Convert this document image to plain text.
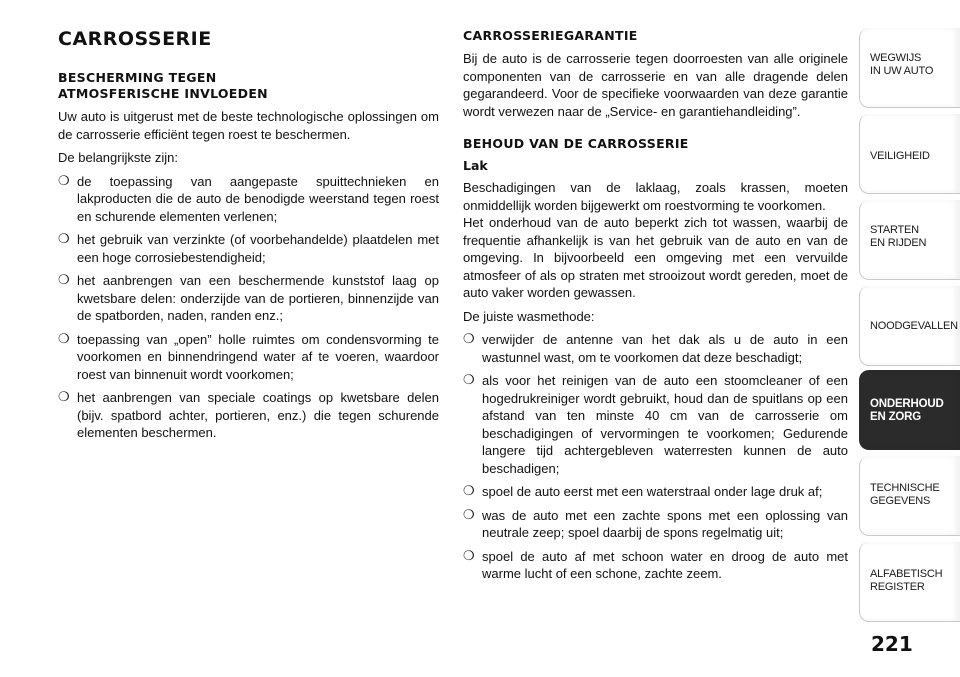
CARROSSERIE
BESCHERMING TEGEN
ATMOSFERISCHE INVLOEDEN

Uw auto is uitgerust met de beste technologische oplossingen om de carrosserie efficiënt tegen roest te beschermen.

De belangrijkste zijn:

❍ de toepassing van aangepaste spuittechnieken en lakproducten die de auto de benodigde weerstand tegen roest en schurende elementen verlenen;
❍ het gebruik van verzinkte (of voorbehandelde) plaatdelen met een hoge corrosiebestendigheid;
❍ het aanbrengen van een beschermende kunststof laag op kwetsbare delen: onderzijde van de portieren, binnenzijde van de spatborden, naden, randen enz.;
❍ toepassing van „open” holle ruimtes om condensvorming te voorkomen en binnendringend water af te voeren, waardoor roest van binnenuit wordt voorkomen;
❍ het aanbrengen van speciale coatings op kwetsbare delen (bijv. spatbord achter, portieren, enz.) die tegen schurende elementen beschermen.
CARROSSERIEGARANTIE

Bij de auto is de carrosserie tegen doorroesten van alle originele componenten van de carrosserie en van alle dragende delen gegarandeerd. Voor de specifieke voorwaarden van deze garantie wordt verwezen naar de „Service- en garantiehandleiding”.

BEHOUD VAN DE CARROSSERIE
Lak

Beschadigingen van de laklaag, zoals krassen, moeten onmiddellijk worden bijgewerkt om roestvorming te voorkomen.

Het onderhoud van de auto beperkt zich tot wassen, waarbij de frequentie afhankelijk is van het gebruik van de auto en van de omgeving. In bijvoorbeeld een omgeving met een vervuilde atmosfeer of als op straten met strooizout wordt gereden, moet de auto vaker worden gewassen.

De juiste wasmethode:

❍ verwijder de antenne van het dak als u de auto in een wastunnel wast, om te voorkomen dat deze beschadigt;
❍ als voor het reinigen van de auto een stoomcleaner of een hogedrukreiniger wordt gebruikt, houd dan de spuitlans op een afstand van ten minste 40 cm van de carrosserie om beschadigingen of vervormingen te voorkomen; Gedurende langere tijd achtergebleven waterresten kunnen de auto beschadigen;
❍ spoel de auto eerst met een waterstraal onder lage druk af;
❍ was de auto met een zachte spons met een oplossing van neutrale zeep; spoel daarbij de spons regelmatig uit;
❍ spoel de auto af met schoon water en droog de auto met warme lucht of een schone, zachte zeem.
WEGWIJS
IN UW AUTO
VEILIGHEID
STARTEN
EN RIJDEN
NOODGEVALLEN
ONDERHOUD
EN ZORG
TECHNISCHE
GEGEVENS
ALFABETISCH
REGISTER
221
